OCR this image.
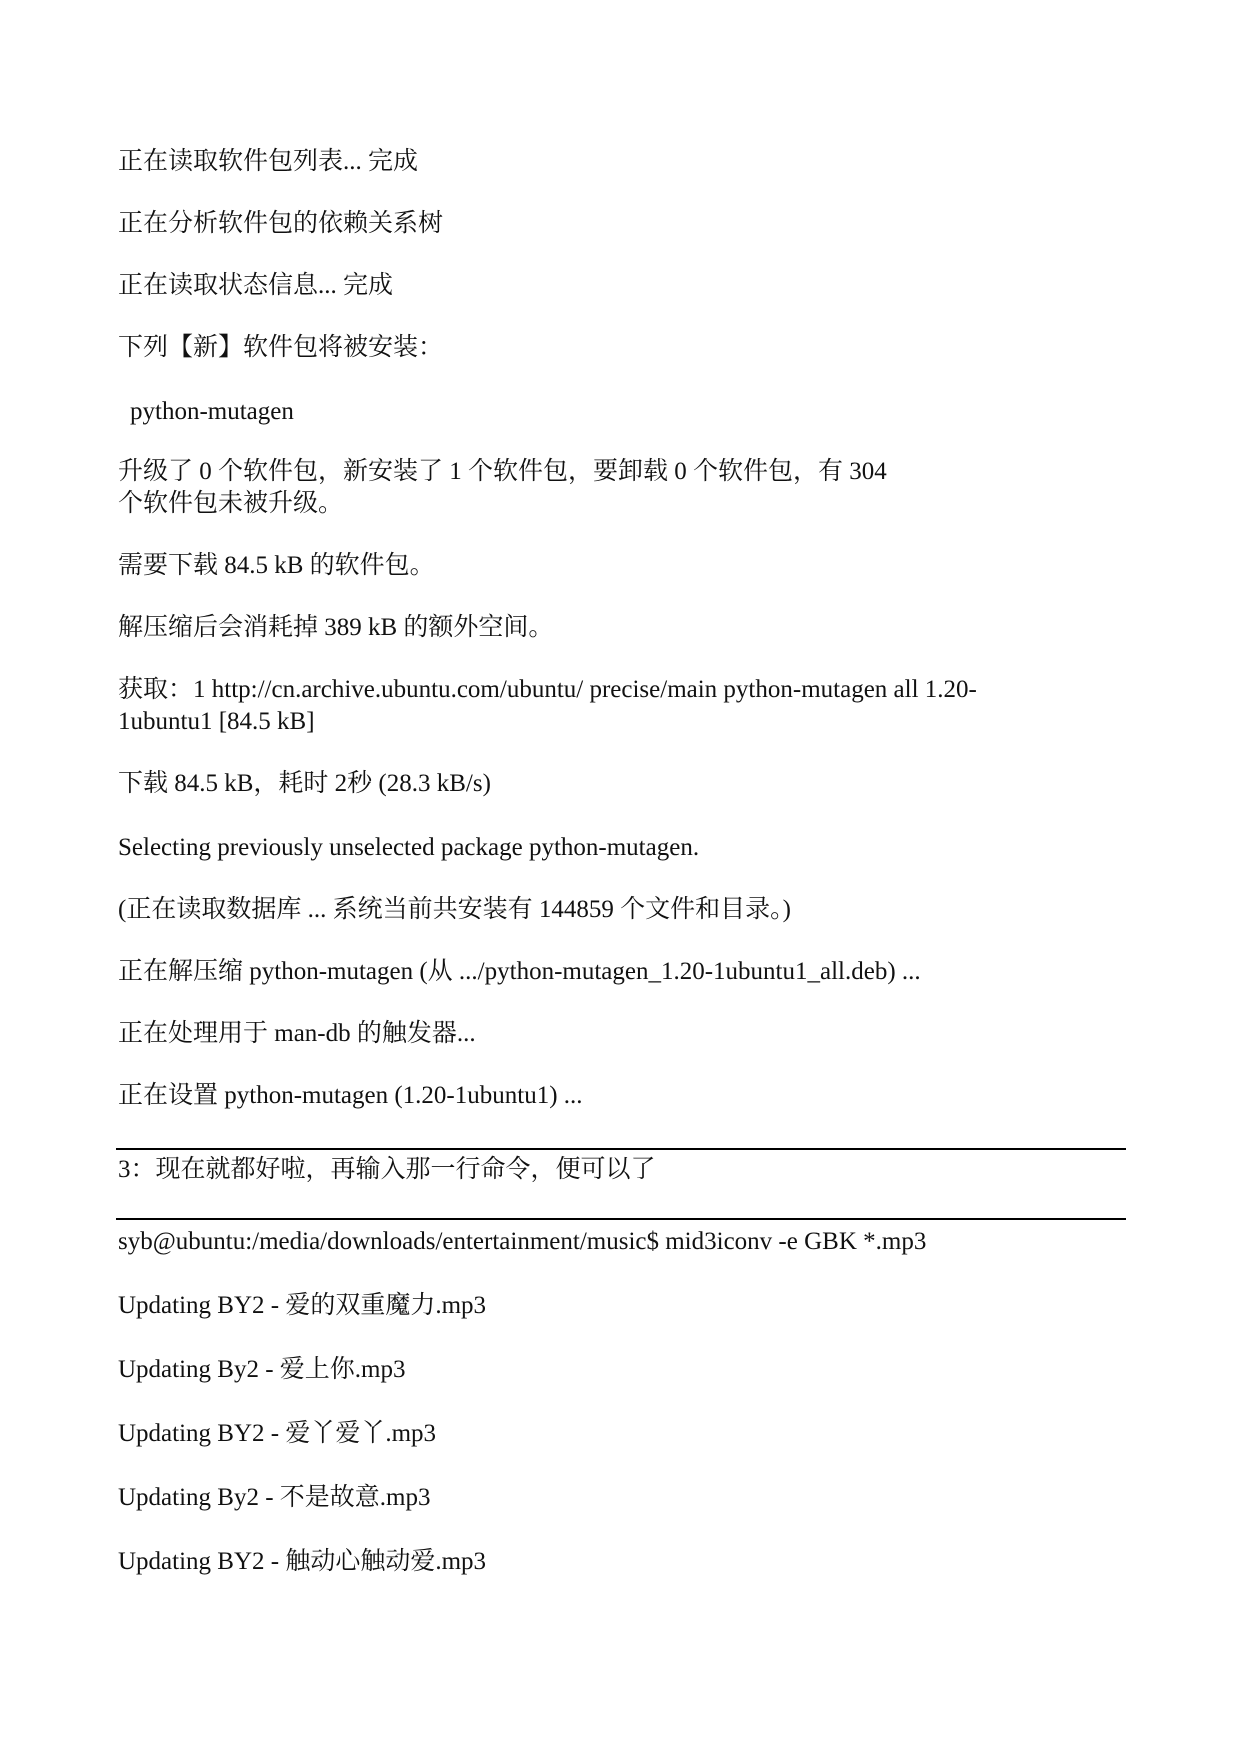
正在读取软件包列表... 完成
正在分析软件包的依赖关系树
正在读取状态信息... 完成
下列【新】软件包将被安装：
python-mutagen
升级了 0 个软件包，新安装了 1 个软件包，要卸载 0 个软件包，有 304
个软件包未被升级。
需要下载 84.5 kB 的软件包。
解压缩后会消耗掉 389 kB 的额外空间。
获取：1 http://cn.archive.ubuntu.com/ubuntu/ precise/main python-mutagen all 1.20-
1ubuntu1 [84.5 kB]
下载 84.5 kB，耗时 2秒 (28.3 kB/s)
Selecting previously unselected package python-mutagen.
(正在读取数据库 ... 系统当前共安装有 144859 个文件和目录。)
正在解压缩 python-mutagen (从 .../python-mutagen_1.20-1ubuntu1_all.deb) ...
正在处理用于 man-db 的触发器...
正在设置 python-mutagen (1.20-1ubuntu1) ...
3：现在就都好啦，再输入那一行命令，便可以了
syb@ubuntu:/media/downloads/entertainment/music$ mid3iconv -e GBK *.mp3
Updating BY2 - 爱的双重魔力.mp3
Updating By2 - 爱上你.mp3
Updating BY2 - 爱丫爱丫.mp3
Updating By2 - 不是故意.mp3
Updating BY2 - 触动心触动爱.mp3
